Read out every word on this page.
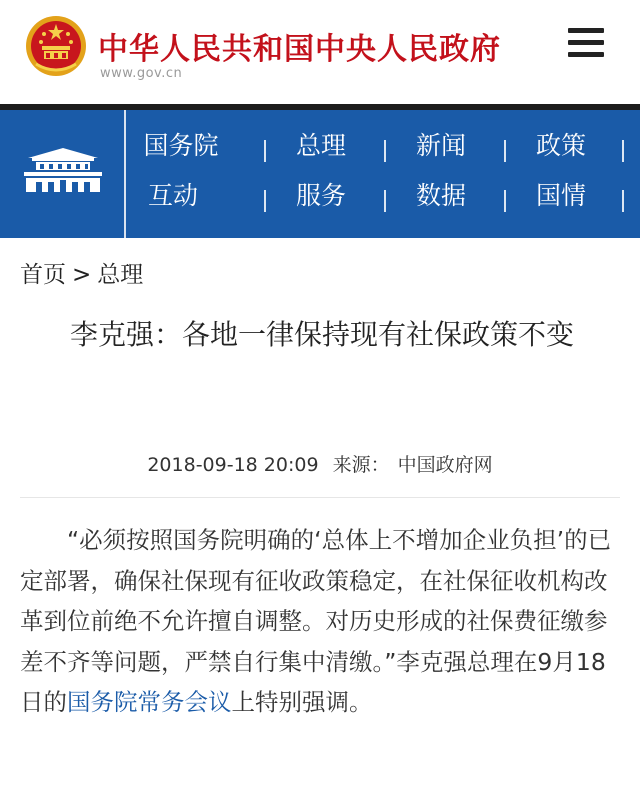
中华人民共和国中央人民政府
www.gov.cn
国务院	总理	新闻	政策
互动	服务	数据	国情
首页 > 总理
李克强：各地一律保持现有社保政策不变
2018-09-18 20:09 来源： 中国政府网

“必须按照国务院明确的‘总体上不增加企业负担’的已定部署，确保社保现有征收政策稳定，在社保征收机构改革到位前绝不允许擅自调整。对历史形成的社保费征缴参差不齐等问题，严禁自行集中清缴。”李克强总理在9月18日的国务院常务会议上特别强调。
